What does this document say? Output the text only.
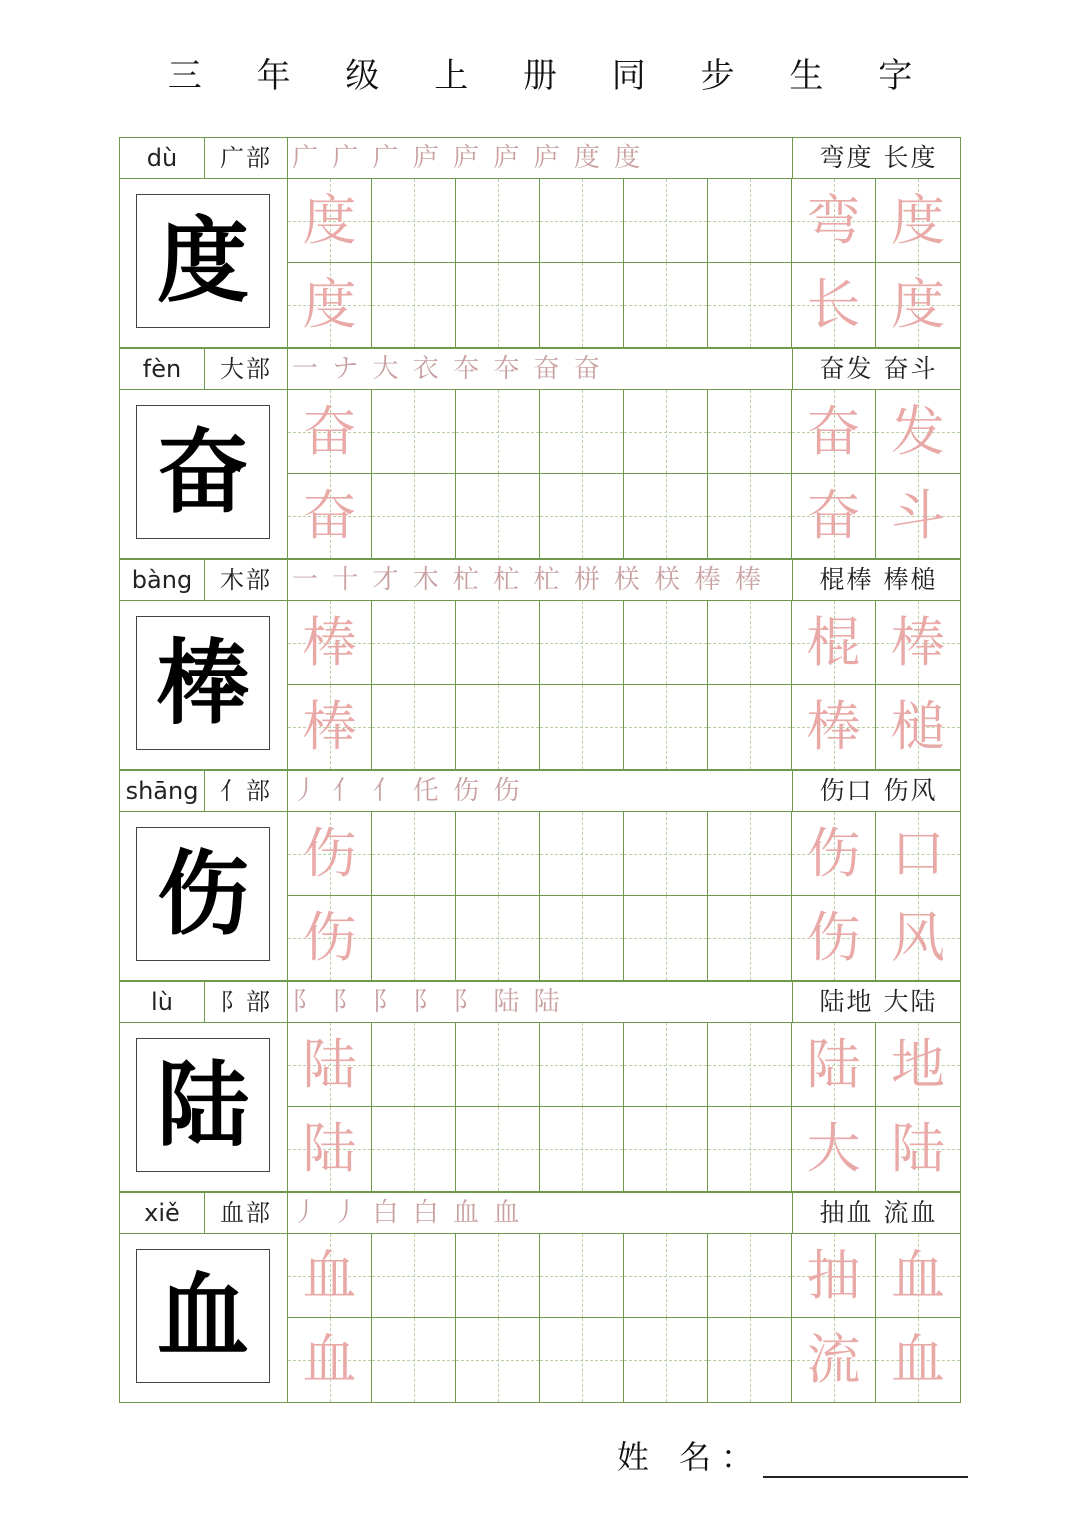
三 年 级 上 册 同 步 生 字
dù	广部 广 广 广 庐 庐 庐 庐 度 度	弯度 长度
度 度	弯 度
度	长 度
fèn	大部 一 ナ 大 衣 夲 夲 奋 奋	奋发 奋斗
奋 奋	奋 发
奋	奋 斗
bàng	木部 一 十 才 木 杧 杧 杧 栟 栚 栚 棒 棒	棍棒 棒槌
棒 棒	棍 棒
棒	棒 槌
shāng 亻部 丿 亻 亻 仛 伤 伤	伤口 伤风
伤 伤	伤 口
伤	伤 风
lù	阝部 阝 阝 阝 阝 阝 陆 陆	陆地 大陆
陆 陆	陆 地
陆	大 陆
xiě	血部 丿 丿 白 白 血 血	抽血 流血
血 血	抽 血
血	流 血
姓 名：
